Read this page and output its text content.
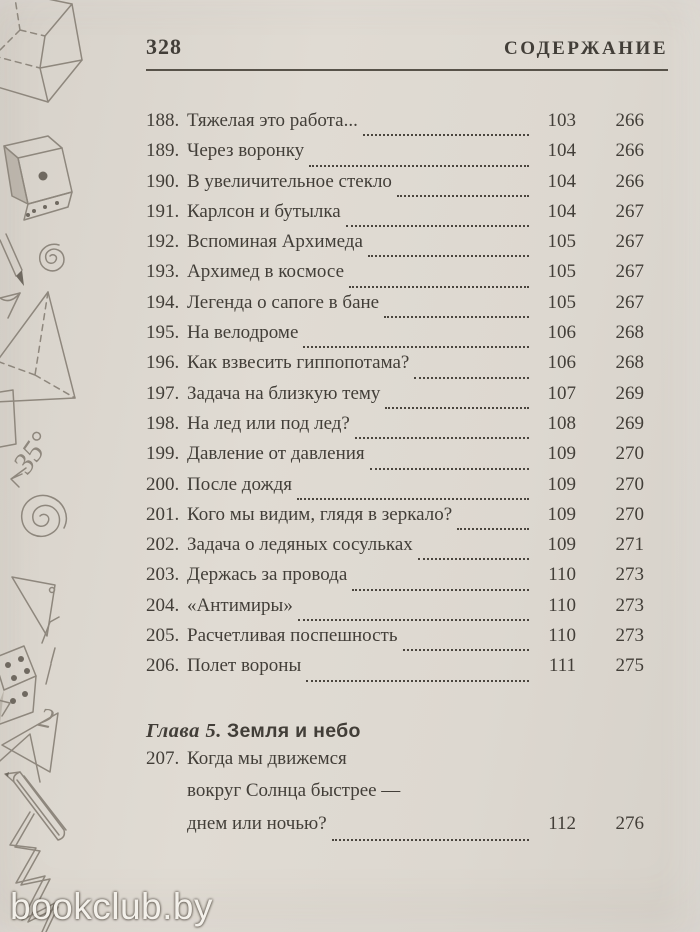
35°
2
328	СОДЕРЖАНИЕ
188. Тяжелая это работа...	103	266
189. Через воронку	104	266
190. В увеличительное стекло	104	266
191. Карлсон и бутылка	104	267
192. Вспоминая Архимеда	105	267
193. Архимед в космосе	105	267
194. Легенда о сапоге в бане	105	267
195. На велодроме	106	268
196. Как взвесить гиппопотама?	106	268
197. Задача на близкую тему	107	269
198. На лед или под лед?	108	269
199. Давление от давления	109	270
200. После дождя	109	270
201. Кого мы видим, глядя в зеркало?	109	270
202. Задача о ледяных сосульках	109	271
203. Держась за провода	110	273
204. «Антимиры»	110	273
205. Расчетливая поспешность	110	273
206. Полет вороны	111	275
Глава 5. Земля и небо
207. Когда мы движемся
вокруг Солнца быстрее —
днем или ночью?	112	276
bookclub.by
